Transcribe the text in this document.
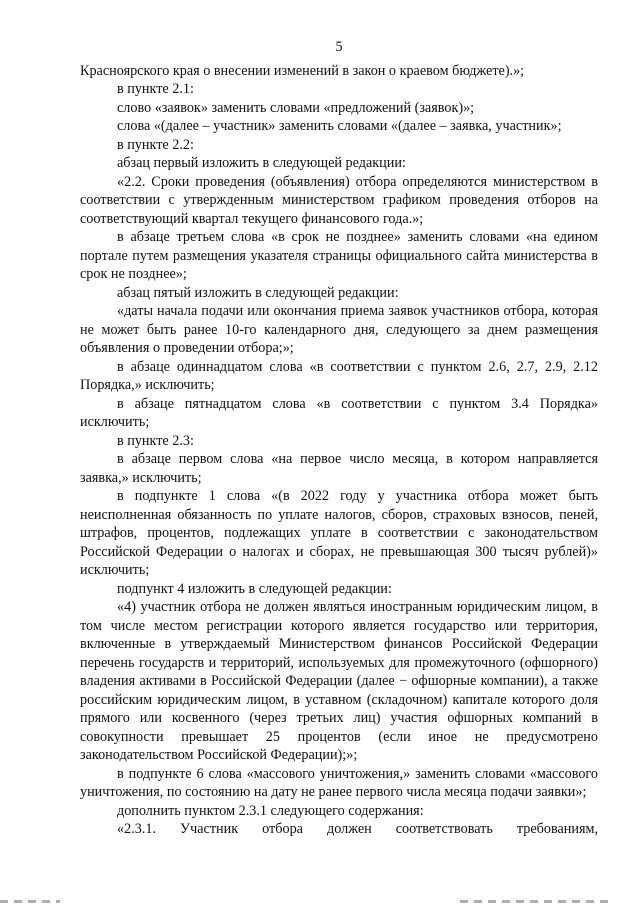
5

Красноярского края о внесении изменений в закон о краевом бюджете).»;

в пункте 2.1:

слово «заявок» заменить словами «предложений (заявок)»;

слова «(далее – участник» заменить словами «(далее – заявка, участник»;

в пункте 2.2:

абзац первый изложить в следующей редакции:

«2.2. Сроки проведения (объявления) отбора определяются министерством в соответствии с утвержденным министерством графиком проведения отборов на соответствующий квартал текущего финансового года.»;

в абзаце третьем слова «в срок не позднее» заменить словами «на едином портале путем размещения указателя страницы официального сайта министерства в срок не позднее»;

абзац пятый изложить в следующей редакции:

«даты начала подачи или окончания приема заявок участников отбора, которая не может быть ранее 10-го календарного дня, следующего за днем размещения объявления о проведении отбора;»;

в абзаце одиннадцатом слова «в соответствии с пунктом 2.6, 2.7, 2.9, 2.12 Порядка,» исключить;

в абзаце пятнадцатом слова «в соответствии с пунктом 3.4 Порядка» исключить;

в пункте 2.3:

в абзаце первом слова «на первое число месяца, в котором направляется заявка,» исключить;

в подпункте 1 слова «(в 2022 году у участника отбора может быть неисполненная обязанность по уплате налогов, сборов, страховых взносов, пеней, штрафов, процентов, подлежащих уплате в соответствии с законодательством Российской Федерации о налогах и сборах, не превышающая 300 тысяч рублей)» исключить;

подпункт 4 изложить в следующей редакции:

«4) участник отбора не должен являться иностранным юридическим лицом, в том числе местом регистрации которого является государство или территория, включенные в утверждаемый Министерством финансов Российской Федерации перечень государств и территорий, используемых для промежуточного (офшорного) владения активами в Российской Федерации (далее − офшорные компании), а также российским юридическим лицом, в уставном (складочном) капитале которого доля прямого или косвенного (через третьих лиц) участия офшорных компаний в совокупности превышает 25 процентов (если иное не предусмотрено законодательством Российской Федерации);»;

в подпункте 6 слова «массового уничтожения,» заменить словами «массового уничтожения, по состоянию на дату не ранее первого числа месяца подачи заявки»;

дополнить пунктом 2.3.1 следующего содержания:

«2.3.1. Участник отбора должен соответствовать требованиям,
